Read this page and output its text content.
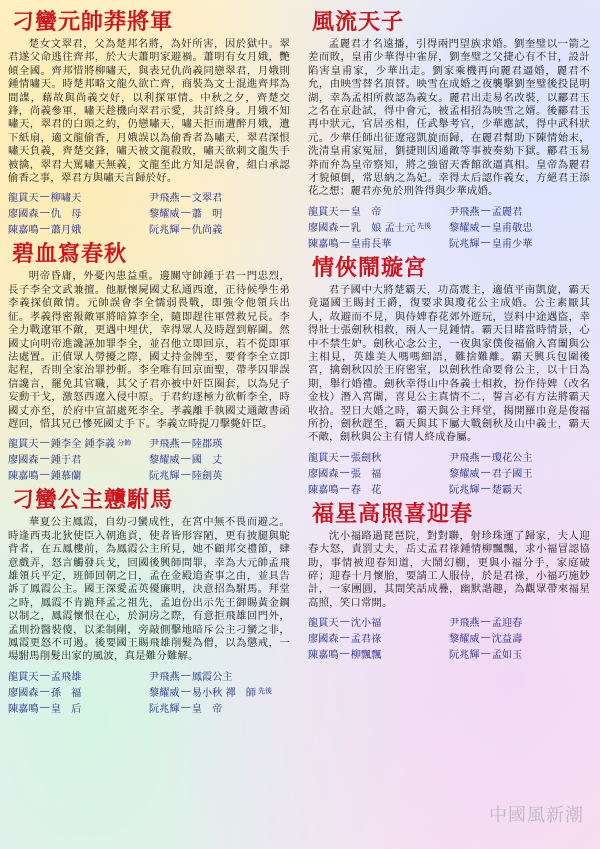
刁蠻元帥莽將軍

楚女文翠君，父為楚邦名將，為奸所害，因於獄中。翠君遂父命逃往齊邦，於大夫蕭明家避禍。蕭明有女月娥，艷傾全國。齊邦惜將柳嘯天，與表兄仇尚義同戀翠君，月娥則鍾情嘯天。時楚邦略文龍久欲亡齊，商裝為文士混進齊邦為間諜，藉故與尚義交好，以利探軍情。中秋之夕，齊楚交鋒，尚義參軍，嘯天趁機向翠君示愛，共訂終身。月娥不知嘯天，翠君的白頭之約，仍戀嘯天，嘯天拒而遭醉月娥，遺下紙扇，適文龍偷香，月娥誤以為偷香者為嘯天，翠君深恨嘯天負義，齊楚交鋒，嘯天被文龍殺敗，嘯天欲刺文龍失手被擒，翠君大罵嘯天無義，文龍至此方知是誤會，組白承認偷香之事，翠君方與嘯天言歸於好。

龍貫天 — 柳嘯天	尹飛燕 — 文翠君
廖國森 — 仇　母	黎耀威 — 蕭　明
陳嘉鳴 — 蕭月娥	阮兆輝 — 仇尚義
碧血寫春秋

明帝昏庸，外憂內患益重。邊關守帥鍾于君一門忠烈，長子李全文武兼擅。他厭懷屍國丈私通西遼，正待候學生弟李義探偵敵情。元帥誤會李全懦弱畏戰，即強令他領兵出征。孝義得密報敵軍將暗算李全，隨即趕往軍營救兄長。李全力戰遼軍不敵，更遇中埋伏，幸得眾人及時趕到解圍。然國丈向明帝進讒誣加罪李全，並召他立即回京，若不從即軍法處置。正值眾人勞擾之際，國丈持金牌至，要脅李全立即起程，否則全家治罪抄斬。李全唯有回京面聖，帶孝囚罪誤信讒言，罷免其官職，其父子君亦被中奸臣圈套，以為兒子妄動干戈，激怒西遼入侵中原。于君約逐極力欲斬李全，時國丈亦至，於府中宣詔處死李全。孝義離手執國丈通敵書函趕回，惜其兄已慘死國丈手下。李義立時提刀擊斃奸臣。

龍貫天 — 鍾李全 鍾李義 分飾 尹飛燕 — 陸郡瑛
廖國森 — 鍾于君	黎耀威 — 國　丈
陳嘉鳴 — 鍾慕蘭	阮兆輝 — 陸劍英
刁蠻公主戇駙馬

華夏公主鳳霞，自幼刁蠻成性，在宮中無不畏而避之。時逢西夷北狄使臣入朝進貢，使者皆形容陋，更有披腿與駝背者，在五鳳樓前，為鳳霞公主所見，她不顧邦交禮節，肆意戲弄，怒言觸發兵戈，回國後興師問罪，幸為大元帥孟飛雄領兵平定，班師回朝之日，孟在金殿追查事之由，並具告訴了鳳霞公主。國王深愛孟英優廉明，決意招為駙馬。拜堂之時，鳳霞不肯跪拜孟之祖先，孟迫份出示先王御賜黃金鋼以制之，鳳霞懷恨在心，於洞房之際，有意拒飛雄回門外，孟則扮醫裝傻，以柔制剛，旁敲側擊地暗斥公主刁蠻之非，鳳霞更怒不可遏。後要國王賜飛雄削髮為僧，以為懲戒，一場駙馬削髮出家的風波，真是難分難解。

龍貫天 — 孟飛雄	尹飛燕 — 鳳霞公主
廖國森 — 孫　福	黎耀威 — 易小秋 禪　師 先後
陳嘉鳴 — 皇　后	阮兆輝 — 皇　帝
風流天子

孟麗君才名遠播，引得兩門望族求婚。劉奎璧以一箭之差而敗，皇甫少華得中雀屏，劉奎璧之父捷心有不甘，設計陷害皇甫家，少華出走。劉家乘機再向麗君逼婚，麗君不允，由映雪替名頂替。映雪在成婚之夜襲擊劉奎璧後投昆明湖，幸為孟相所救認為義女。麗君出走易名改裝，以酈君玉之名在京赴試，得中會元，被孟相招為映雪之婿。後酈君玉再中狀元，官居丞相，任武舉考官，少華應試，得中武科狀元。少華任師出征遼寇凱旋而歸，在麗君幫助下陳情始末，洗清皇甫家冤屈，劉捷則因通敵等事被奏劾下獄。酈君玉易莽而弁為皇帝察知，將之強留天香館欲逼真相。皇帝為麗君才貌傾倒，常思納之為妃。幸得太后認作義女，方絕君王添花之想；麗君亦免於刑咎得與少華成婚。

龍貫天 — 皇　帝	尹飛燕 — 孟麗君
廖國森 — 乳　娘 孟士元 先後 黎耀威 — 皇甫敬忠
陳嘉鳴 — 皇甫長華	阮兆輝 — 皇甫少華
情俠鬧璇宮

君子國中大將楚霸天，功高震主，適值平南凱旋，霸天竟逼國王賜封王爵，復要求與瓊花公主成婚。公主素厭其人，故避而不見，與侍婢春花郊外遊玩，豈料中途遇盜，幸得壯士張劍秋相救，兩人一見鍾情。霸天目睹當時情景，心中不禁生妒。劍秋心念公主，一夜與家僕俊福偷入宮闈與公主相見，英雄美人嗎嗎細語，難捨難離。霸天興兵包圍後宮，擒劍秋囚於王府密室，以劍秋性命要脅公主，以十日為期，舉行婚禮。劍秋幸得山中各義士相救，扮作侍婢（改名金枝）潛入宮闈，喜見公主真情不二，誓言必有方法將霸天收拾。翌日大婚之時，霸天與公主拜堂，揭開羅巾竟是俊福所扮，劍秋趕至，霸天與其下屬大戰劍秋及山中義士，霸天不敵，劍秋與公主有情人終成眷屬。

龍貫天 — 張劍秋	尹飛燕 — 瓊花公主
廖國森 — 張　福	黎耀威 — 君子國王
陳嘉鳴 — 春　花	阮兆輝 — 楚霸天
福星高照喜迎春

沈小福路過琵琶院，對對聯，射珍珠運了歸家，夫人迎春大怒，責罰丈夫，岳丈孟君祿鍾情柳飄飄，求小福冒認協助，事情被迎春知道，大鬧幻棚，更與小福分手，家庭破碎；迎春十月懷胎，要請工人服侍，於是君祿，小福巧施妙計，一家團圓，其間笑話成疊，幽默諧趣，為觀眾帶來福星高照，笑口常開。

龍貫天 — 沈小福	尹飛燕 — 孟迎春
廖國森 — 孟君祿	黎耀威 — 沈益壽
陳嘉鳴 — 柳飄飄	阮兆輝 — 孟如玉
中國風新潮
